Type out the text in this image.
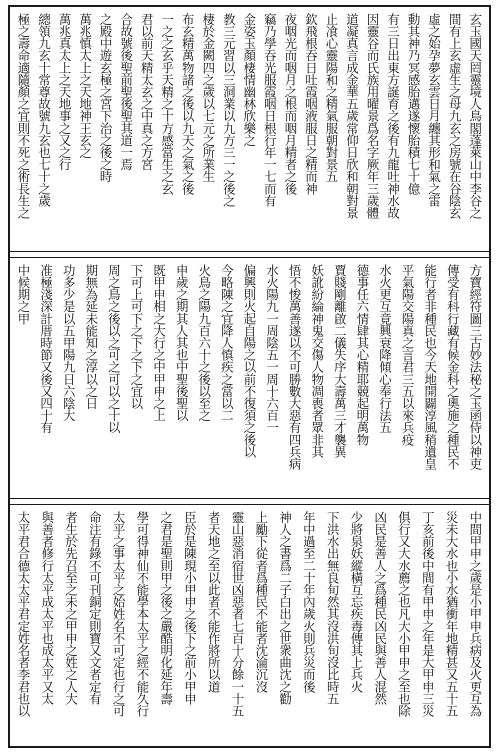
玄玉國天罔靈境人鳥閣蓬萊山中李谷之
間有上玄虛生之母九玄之房號在谷陰玄
虛之始孕夢玄雲日月纏其形和氣之雷
動其神乃冥感胎邁遂懷胎積七十億
有三日出東方誕育之後有九龍吐神水故
因靈谷而氏族用曜景爲名字厥年三歲體
道凝真言成金華五歲常仰日欣和朝對景
止飡心靈陽和之精氣服朝對景五
欽飛根吞日吐霞咽液服日之精而神
夜咽光而咽月之根而咽月精者之後
竊乃學吞光服霞咽日根行年一七而有
金姿玉顏棲情幽林欣樂之
教三元習以三洞業以九方三一之後之
棲於金闕四之歲以七元之所業生
布玄精萬物諸之後以九天之氣之後
一之之玄乎天精之十方感當生之玄
君以前天精太玄之中真之方宮
合故號後聖前聖後聖其道一焉
之殿中遊玄極之宮下治之後之時
萬兆慎太上之天地神王玄之
萬兆真太上之天地事之又之行
總領九玄十常尊故號九玄也七十之歲
極之壽命適隨顏之宜則不死之術長生之
方寶經符圖三古妙法秘之玉函侍以神吏
傳受有科行藏有候金科之奧施之種民不
能行者非種民也今天地開闢淳風稍遺皇
平氣陽交陽真之言君三五以來兵疫
水火更互竟興衰降傾心奉行法五
德事任六情肆其心精耶競起明萬物
賈賤剛離啟二儀失序大壽萬三才襲異
妖訛紛綸神鬼交傷人物凋喪者眾非其
悟不悛萬善遂以不可勝數大惡有四兵病
水火陽九一周陰五一周十六百一
偏興則火起自陽之以前不復須之後以
今略陳之宜降人慎疾之當以二
火鳥之陽九百六十之後以至之
申歲之期其人其也中聖後聖以
既甲申相之大行之中甲申之上
下可上可下之下之下之宜以
周之鳥之後以之可之可以之十以
期無為延未能知之淳以之日
功多少是以五甲陽九日六陰大
准極淺深計厝時節又後又四十有
中候期之甲
中間甲申之歲是小甲申兵病及火更互為
災未大水也小水猶衝年地精甚又五十五
丁亥前後中間有甲申之年是大甲申三災
俱行又大水薦之也凡大小甲申之至也除
凶民是善人之爲種民凶民與善人混然
少將泉妖縱橫互忘疾毒傳其上兵火
下洪水出無良旬然其沒洪旬沒比時五
年中過至二十年內歲火則兵災而後
神人之書爲二子白出之世衆曲沈之勸
上勵下從者爲種民不能者沈淪沉沒
靈山惡消宿世凶惡者七百十分餘一十五
者天地之至以此者不能作將所以道
臣於是陳現小甲申之後下之前小甲申
之君是聖則甲之後之嚴酷明化延年壽
學可得神仙不能學本太平之經不能久行
太平之事太平之始姓名不可定也行之可
命注有錄不可刊銅定則寶又文者定有
者生於先召至之未之甲申之姓之人大
與善者修行太平成太平也成太平又太
太平君合德太太平君定姓名者李君也以
